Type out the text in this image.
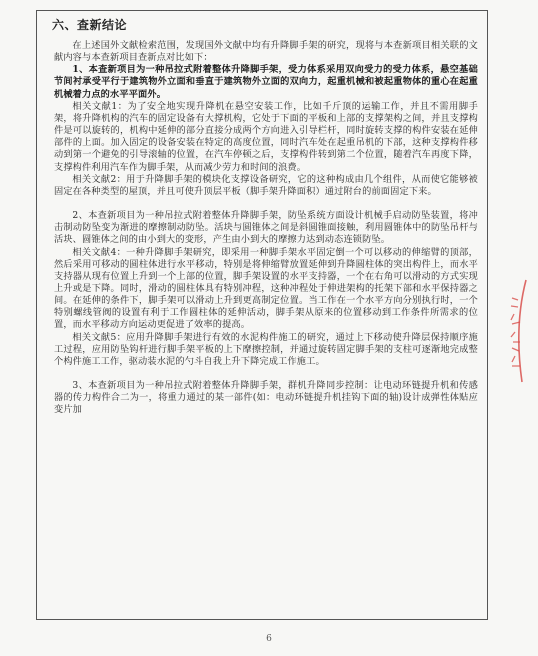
六、查新结论

在上述国外文献检索范围，发现国外文献中均有升降脚手架的研究，现将与本查新项目相关联的文献内容与本查新项目查新点对比如下：

1、本查新项目为一种吊拉式附着整体升降脚手架，受力体系采用双向受力的受力体系，悬空基础节间衬承受平行于建筑物外立面和垂直于建筑物外立面的双向力，起重机械和被起重物体的重心在起重机械着力点的水平平面外。

相关文献1：为了安全地实现升降机在悬空安装工作，比如千斤顶的运输工作，并且不需用脚手架，将升降机构的汽车的固定设备有大撑机构，它处于下面的平板和上部的支撑架构之间，并且支撑构件是可以旋转的，机构中延伸的部分直接分成两个方向进入引导栏杆，同时旋转支撑的构件安装在延伸部件的上面。加入固定的设备安装在特定的高度位置，同时汽车处在起重吊机的下部，这种支撑构件移动到第一个避免的引导滚轴的位置，在汽车停顿之后，支撑构件转到第二个位置，随着汽车再度下降，支撑构件利用汽车作为脚手架，从而减少劳力和时间的浪费。

相关文献2：用于升降脚手架的模块化支撑设备研究，它的这种构成由几个组件，从而使它能够被固定在各种类型的屋顶，并且可使升顶层平板（脚手架升降面积）通过附台的前面固定下来。

2、本查新项目为一种吊拉式附着整体升降脚手架，防坠系统方面设计机械手启动防坠装置，将冲击制动防坠变为渐进的摩擦制动防坠。活块与圆锥体之间是斜圆锥面接触，利用圆锥体中的防坠吊杆与活块、圆锥体之间的由小到大的变形，产生由小到大的摩擦力达到动态连锁防坠。

相关文献4：一种升降脚手架研究，即采用一种脚手架水平固定倒一个可以移动的伸缩臂的顶部，然后采用可移动的圆柱体进行水平移动，特别是将伸缩臂放置延伸到升降圆柱体的突出构件上，而水平支持器从现有位置上升到一个上部的位置，脚手架设置的水平支持器，一个在右角可以滑动的方式实现上升或是下降。同时，滑动的圆柱体具有特别冲程，这种冲程处于伸进架构的托架下部和水平保持器之间。在延伸的条件下，脚手架可以滑动上升到更高制定位置。当工作在一个水平方向分别执行时，一个特别螺线管阀的设置有利于工作圆柱体的延伸活动，脚手架从原来的位置移动到工作条件所需求的位置，而水平移动方向运动更促进了效率的提高。

相关文献5：应用升降脚手架进行有效的水泥构件施工的研究，通过上下移动使升降层保持顺序施工过程，应用防坠钩杆进行脚手架平板的上下摩擦控制，并通过旋转固定脚手架的支柱可逐渐地完成整个构件施工工作，驱动装水泥的勺斗自我上升下降完成工作施工。

3、本查新项目为一种吊拉式附着整体升降脚手架，群机升降同步控制：让电动环链提升机和传感器的传力构件合二为一，将重力通过的某一部件(如：电动环链提升机挂钩下面的轴)设计成弹性体贴应变片加

6
